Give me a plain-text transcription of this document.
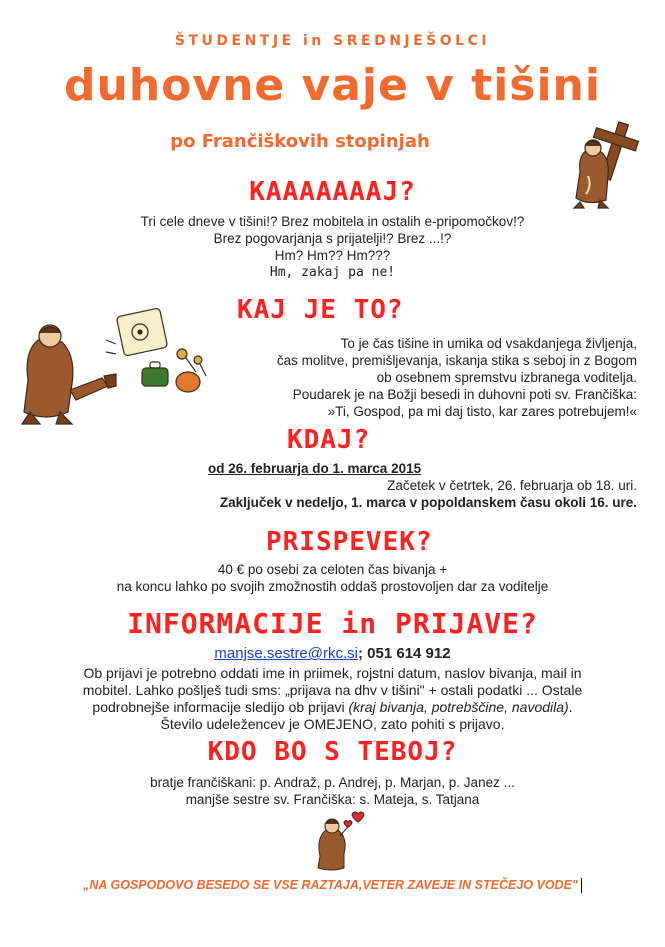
ŠTUDENTJE in SREDNJEŠOLCI
duhovne vaje v tišini
po Frančiškovih stopinjah
KAAAAAAAJ?
Tri cele dneve v tišini!? Brez mobitela in ostalih e-pripomočkov!?
Brez pogovarjanja s prijatelji!? Brez ...!?
Hm? Hm?? Hm???
Hm, zakaj pa ne!
KAJ JE TO?
To je čas tišine in umika od vsakdanjega življenja,
čas molitve, premišljevanja, iskanja stika s seboj in z Bogom
ob osebnem spremstvu izbranega voditelja.
Poudarek je na Božji besedi in duhovni poti sv. Frančiška:
»Ti, Gospod, pa mi daj tisto, kar zares potrebujem!«
KDAJ?
od 26. februarja do 1. marca 2015
Začetek v četrtek, 26. februarja ob 18. uri.
Zaključek v nedeljo, 1. marca v popoldanskem času okoli 16. ure.
PRISPEVEK?
40 € po osebi za celoten čas bivanja +
na koncu lahko po svojih zmožnostih oddaš prostovoljen dar za voditelje
INFORMACIJE in PRIJAVE?
manjse.sestre@rkc.si; 051 614 912
Ob prijavi je potrebno oddati ime in priimek, rojstni datum, naslov bivanja, mail in
mobitel. Lahko pošlješ tudi sms: „prijava na dhv v tišini" + ostali podatki ... Ostale
podrobnejše informacije sledijo ob prijavi (kraj bivanja, potrebščine, navodila).
Število udeležencev je OMEJENO, zato pohiti s prijavo.
KDO BO S TEBOJ?
bratje frančiškani: p. Andraž, p. Andrej, p. Marjan, p. Janez ...
manjše sestre sv. Frančiška: s. Mateja, s. Tatjana
„NA GOSPODOVO BESEDO SE VSE RAZTAJA,VETER ZAVEJE IN STEČEJO VODE"
